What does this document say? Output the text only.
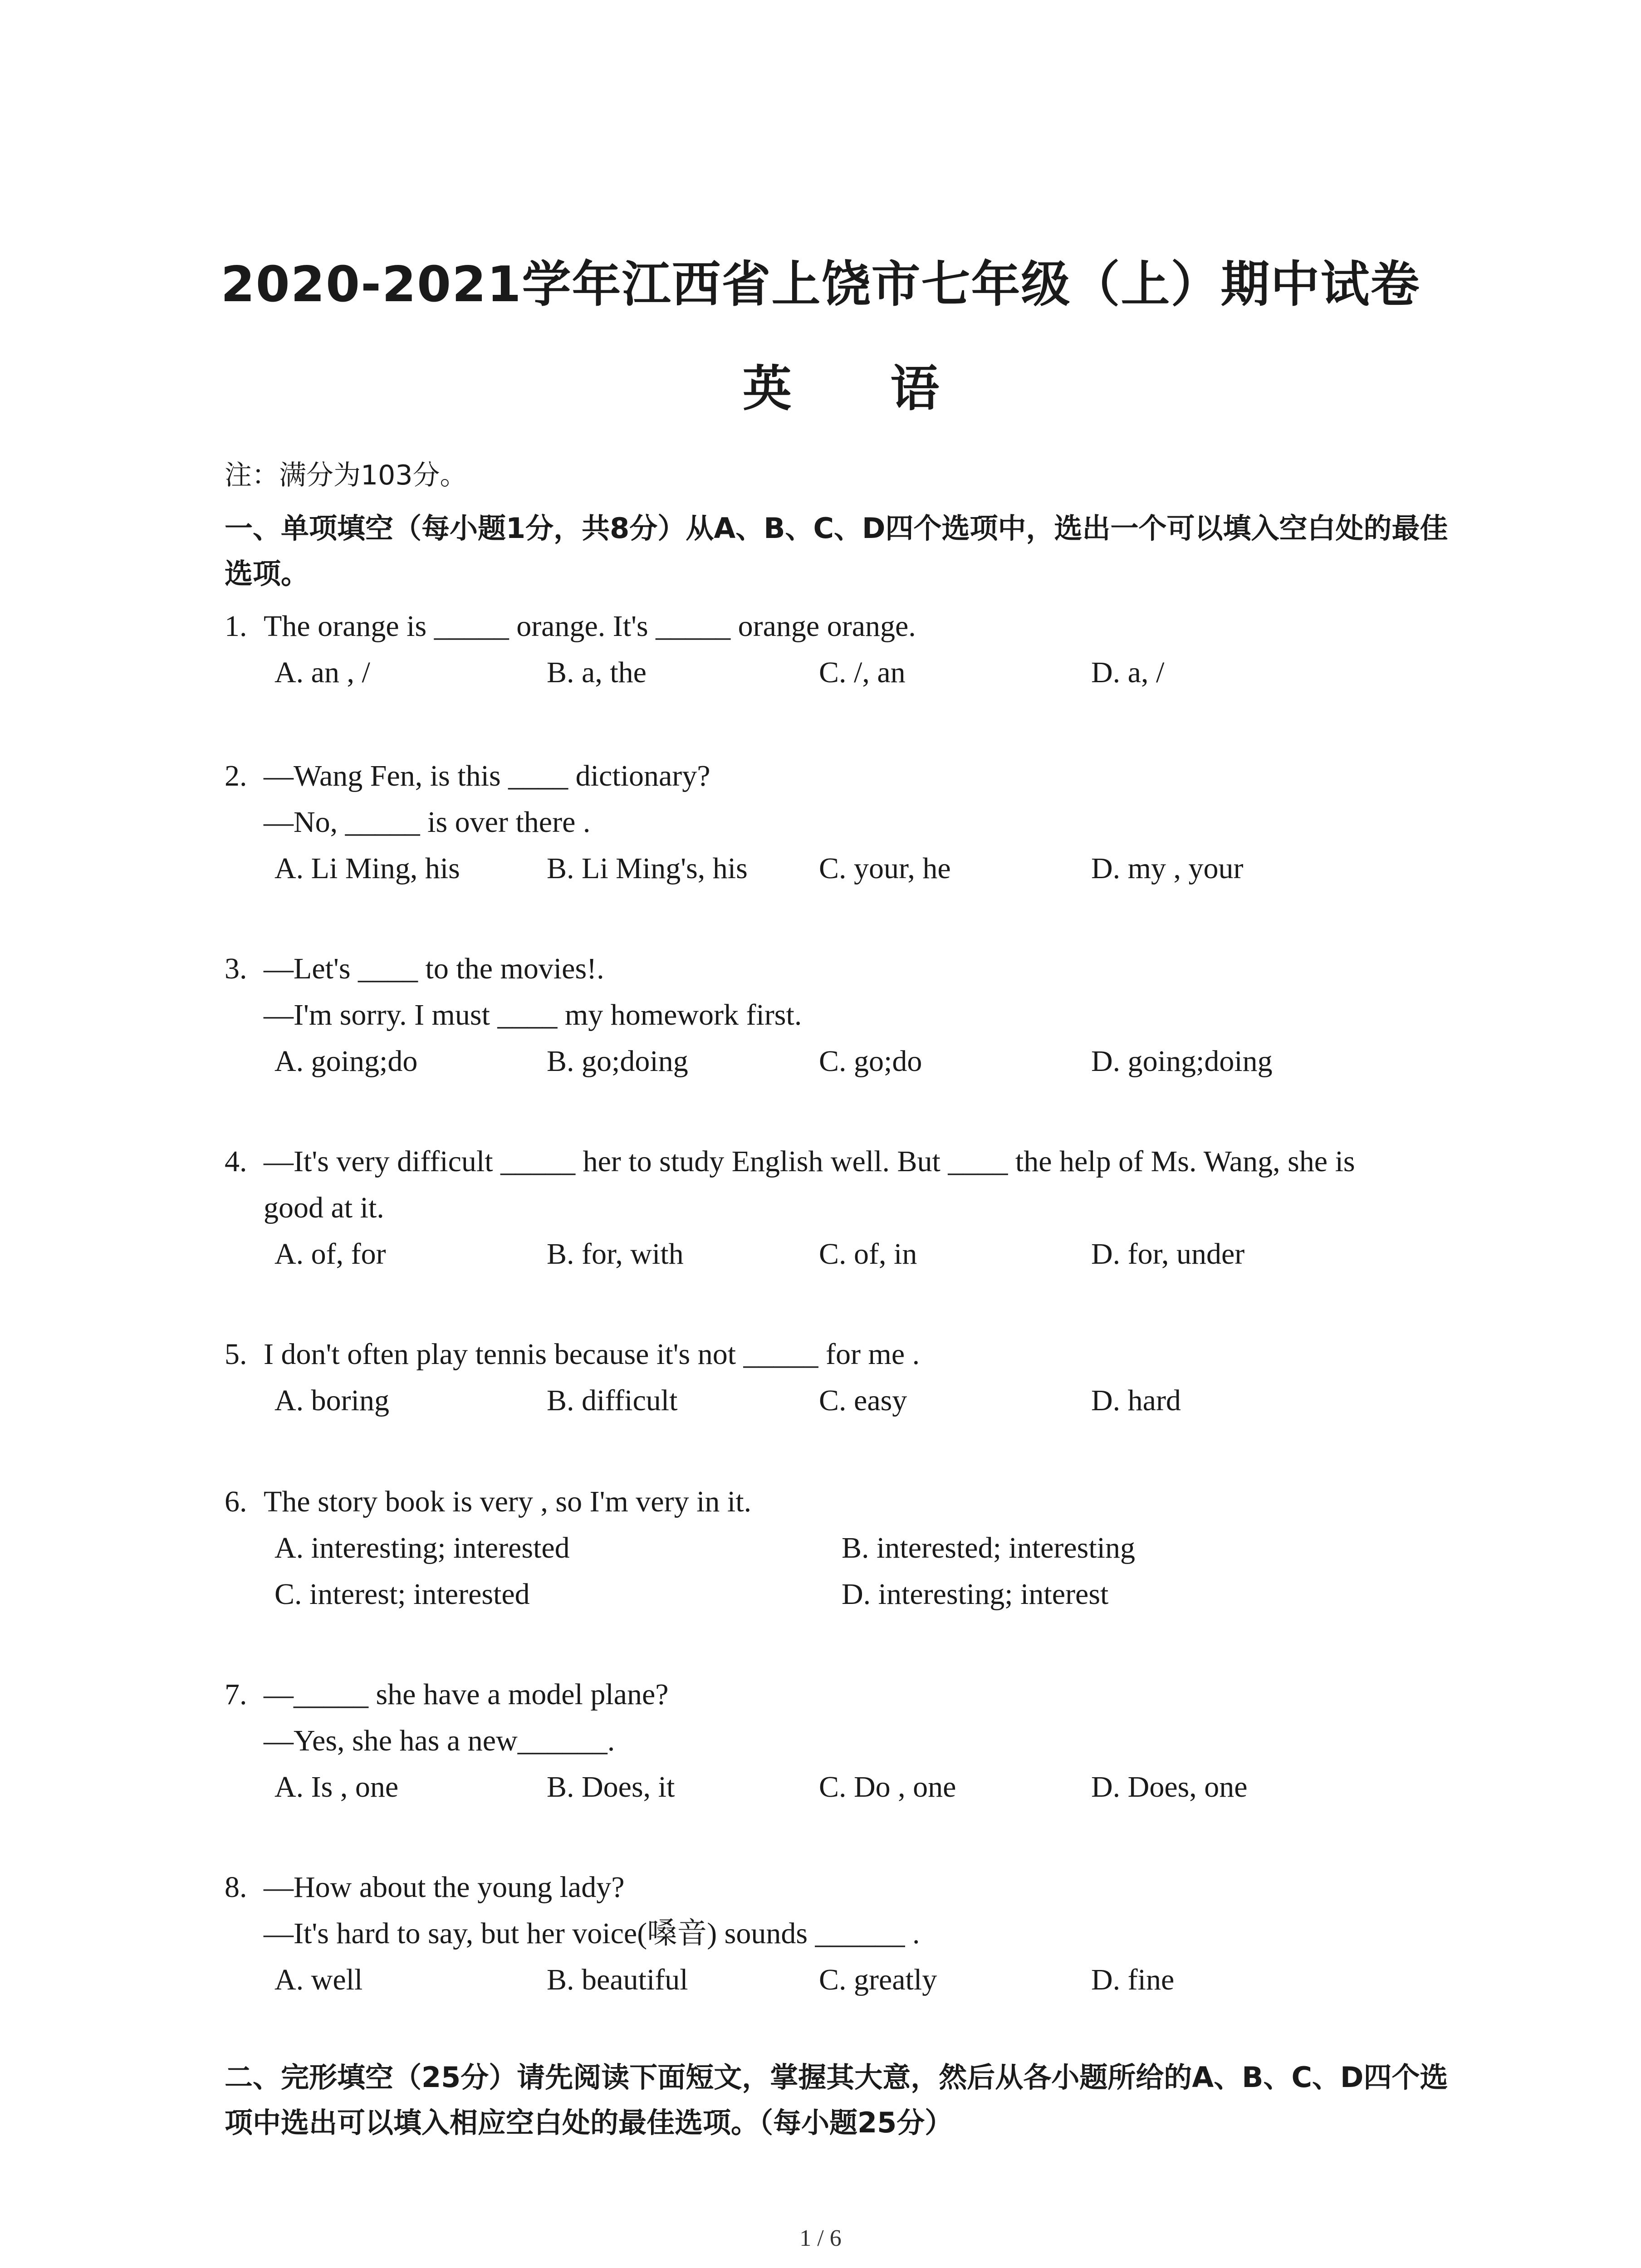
2020-2021学年江西省上饶市七年级（上）期中试卷
英 语

注：满分为103分。

一、单项填空（每小题1分，共8分）从A、B、C、D四个选项中，选出一个可以填入空白处的最佳选项。

1. The orange is _____ orange. It's _____ orange orange.
A. an , /	B. a, the	C. /, an	D. a, /
2. —Wang Fen, is this ____ dictionary?
—No, _____ is over there .
A. Li Ming, his	B. Li Ming's, his	C. your, he	D. my , your
3. —Let's ____ to the movies!.
—I'm sorry. I must ____ my homework first.
A. going;do	B. go;doing	C. go;do	D. going;doing
4. —It's very difficult _____ her to study English well. But ____ the help of Ms. Wang, she is
good at it.
A. of, for	B. for, with	C. of, in	D. for, under
5. I don't often play tennis because it's not _____ for me .
A. boring	B. difficult	C. easy	D. hard
6. The story book is very , so I'm very in it.
A. interesting; interested	B. interested; interesting
C. interest; interested	D. interesting; interest
7. —_____ she have a model plane?
—Yes, she has a new______.
A. Is , one	B. Does, it	C. Do , one	D. Does, one
8. —How about the young lady?
—It's hard to say, but her voice(嗓音) sounds ______ .
A. well	B. beautiful	C. greatly	D. fine

二、完形填空（25分）请先阅读下面短文，掌握其大意，然后从各小题所给的A、B、C、D四个选项中选出可以填入相应空白处的最佳选项。（每小题25分）

1 / 6
